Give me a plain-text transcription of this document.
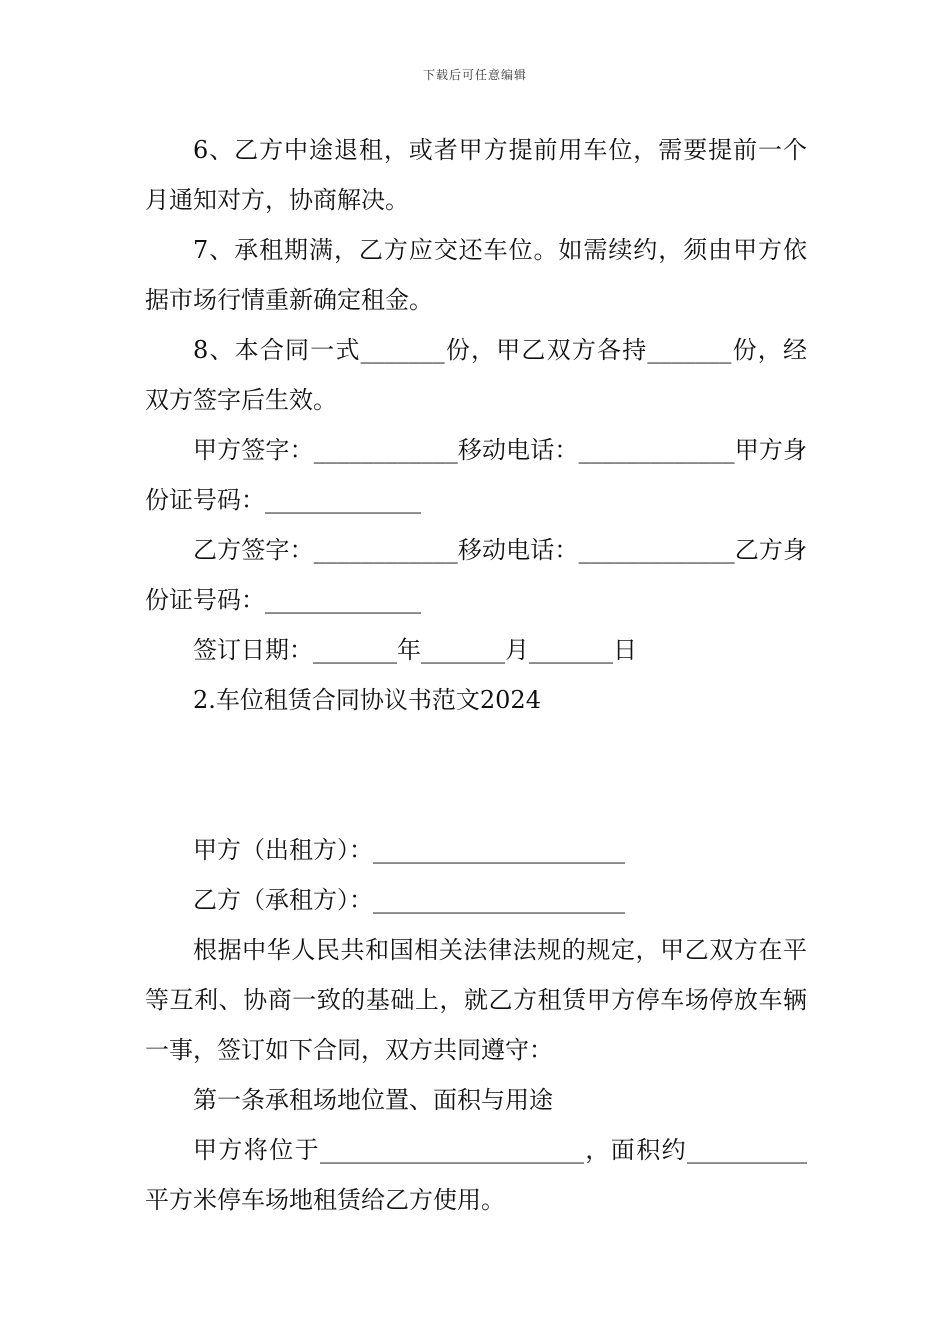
下载后可任意编辑

6、乙方中途退租，或者甲方提前用车位，需要提前一个月通知对方，协商解决。

7、承租期满，乙方应交还车位。如需续约，须由甲方依据市场行情重新确定租金。

8、本合同一式_______份，甲乙双方各持_______份，经双方签字后生效。

甲方签字：____________移动电话：_____________甲方身份证号码：_____________

乙方签字：____________移动电话：_____________乙方身份证号码：_____________

签订日期：_______年_______月_______日

2.车位租赁合同协议书范文2024

甲方（出租方）：_____________________

乙方（承租方）：_____________________

根据中华人民共和国相关法律法规的规定，甲乙双方在平等互利、协商一致的基础上，就乙方租赁甲方停车场停放车辆一事，签订如下合同，双方共同遵守：

第一条承租场地位置、面积与用途

甲方将位于______________________，面积约__________平方米停车场地租赁给乙方使用。
